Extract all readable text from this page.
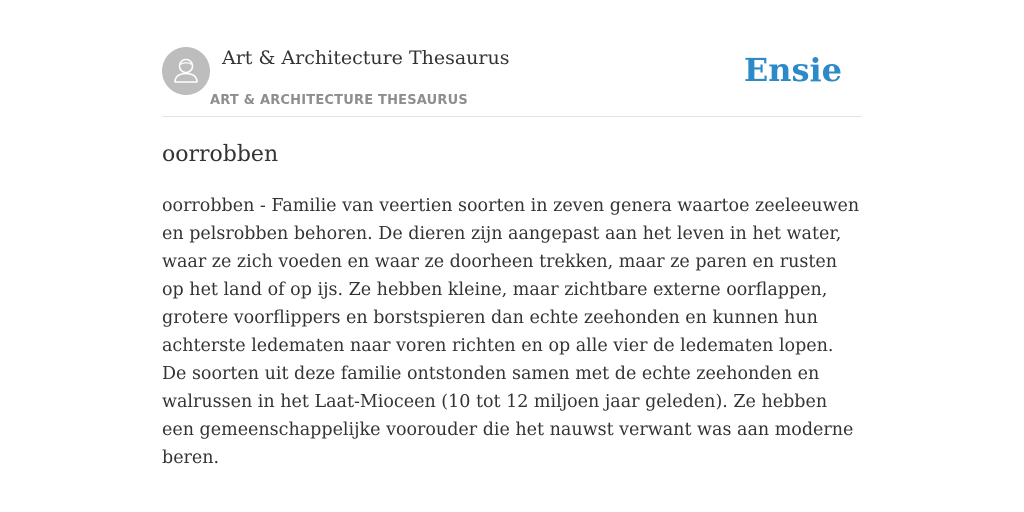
Art & Architecture Thesaurus
ART & ARCHITECTURE THESAURUS
Ensie
oorrobben

oorrobben - Familie van veertien soorten in zeven genera waartoe zeeleeuwen en pelsrobben behoren. De dieren zijn aangepast aan het leven in het water, waar ze zich voeden en waar ze doorheen trekken, maar ze paren en rusten op het land of op ijs. Ze hebben kleine, maar zichtbare externe oorflappen, grotere voorflippers en borstspieren dan echte zeehonden en kunnen hun achterste ledematen naar voren richten en op alle vier de ledematen lopen. De soorten uit deze familie ontstonden samen met de echte zeehonden en walrussen in het Laat-Mioceen (10 tot 12 miljoen jaar geleden). Ze hebben een gemeenschappelijke voorouder die het nauwst verwant was aan moderne beren.
